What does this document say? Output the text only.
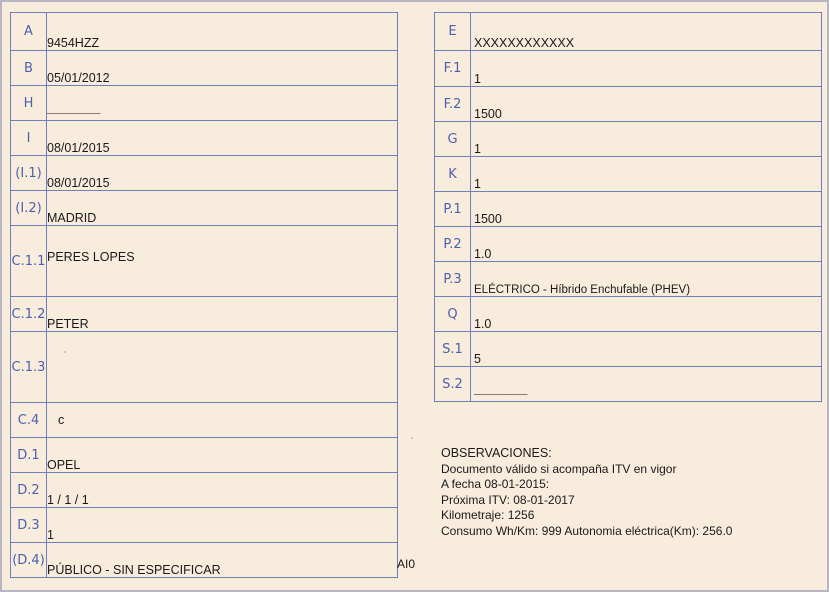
A	9454HZZ
B	05/01/2012
H	____________
I	08/01/2015
(I.1)	08/01/2015
(I.2)	MADRID
C.1.1	PERES LOPES
C.1.2	PETER
C.1.3	
C.4	c
D.1	OPEL
D.2	1 / 1 / 1
D.3	1
(D.4)	PÚBLICO - SIN ESPECIFICAR
E	XXXXXXXXXXXX
F.1	1
F.2	1500
G	1
K	1
P.1	1500
P.2	1.0
P.3	ELÉCTRICO - Híbrido Enchufable (PHEV)
Q	1.0
S.1	5
S.2	____________
OBSERVACIONES:
Documento válido si acompaña ITV en vigor
A fecha 08-01-2015:
Próxima ITV: 08-01-2017
Kilometraje: 1256
Consumo Wh/Km: 999 Autonomia eléctrica(Km): 256.0
AI0
